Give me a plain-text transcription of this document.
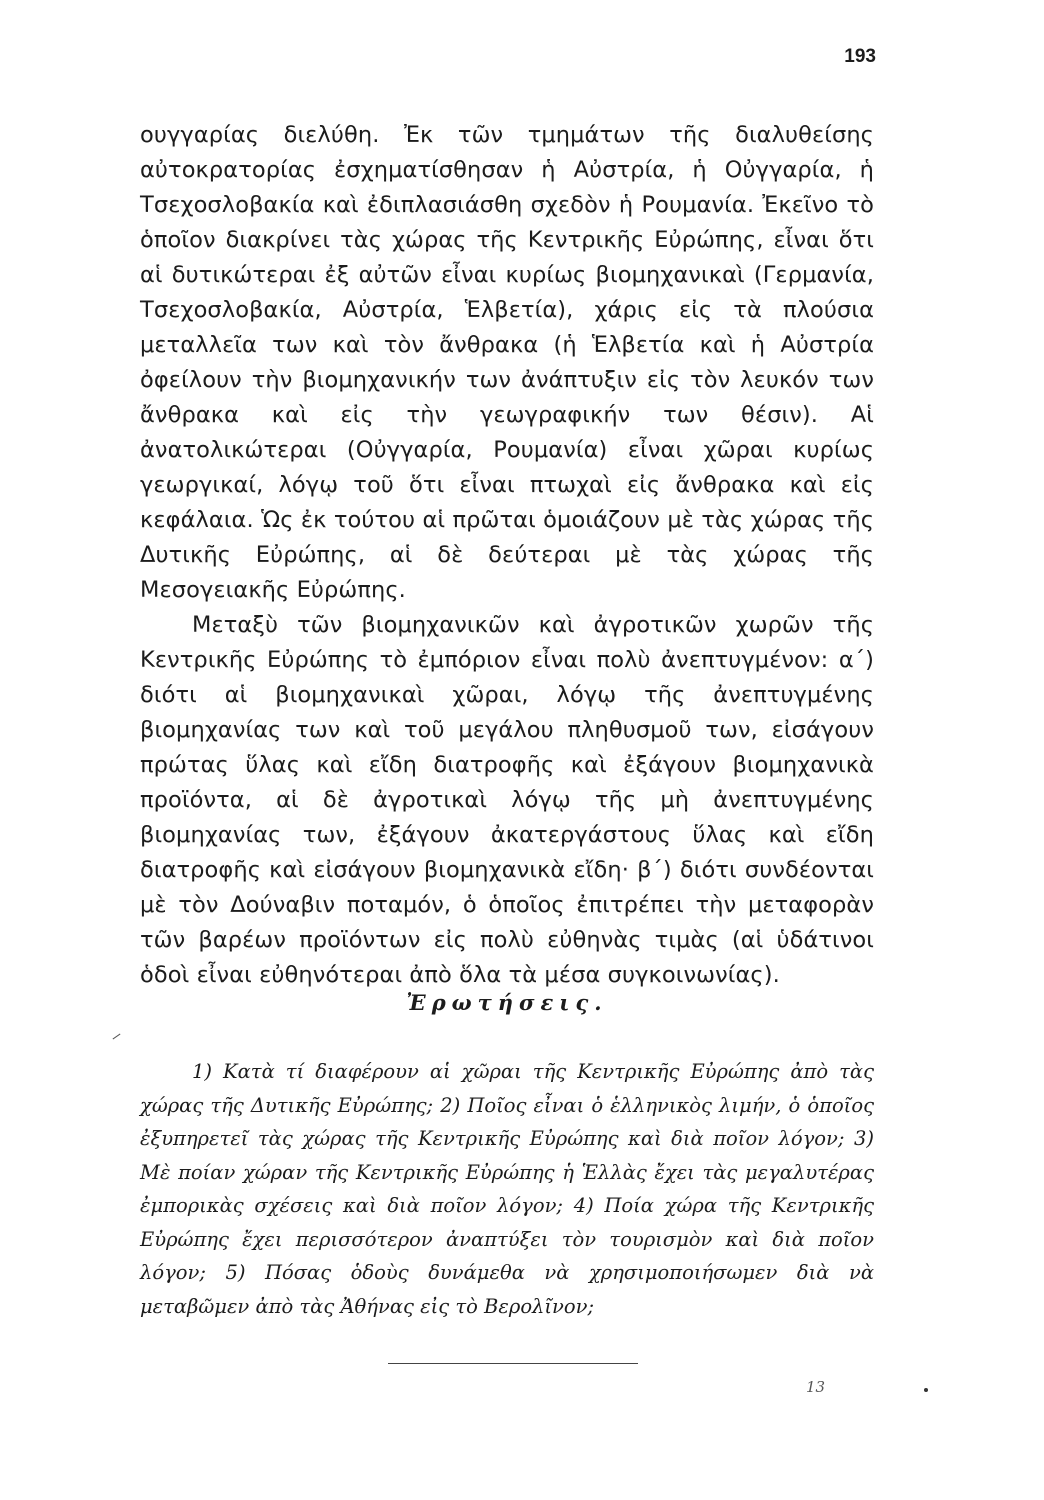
193

ουγγαρίας διελύθη. Ἐκ τῶν τμημάτων τῆς διαλυθείσης αὐτοκρατορίας ἐσχηματίσθησαν ἡ Αὐστρία, ἡ Οὐγγαρία, ἡ Τσεχοσλοβακία καὶ ἐδιπλασιάσθη σχεδὸν ἡ Ρουμανία. Ἐκεῖνο τὸ ὁποῖον διακρίνει τὰς χώρας τῆς Κεντρικῆς Εὐρώπης, εἶναι ὅτι αἱ δυτικώτεραι ἐξ αὐτῶν εἶναι κυρίως βιομηχανικαὶ (Γερμανία, Τσεχοσλοβακία, Αὐστρία, Ἑλβετία), χάρις εἰς τὰ πλούσια μεταλλεῖα των καὶ τὸν ἄνθρακα (ἡ Ἑλβετία καὶ ἡ Αὐστρία ὀφείλουν τὴν βιομηχανικήν των ἀνάπτυξιν εἰς τὸν λευκόν των ἄνθρακα καὶ εἰς τὴν γεωγραφικήν των θέσιν). Αἱ ἀνατολικώτεραι (Οὐγγαρία, Ρουμανία) εἶναι χῶραι κυρίως γεωργικαί, λόγῳ τοῦ ὅτι εἶναι πτωχαὶ εἰς ἄνθρακα καὶ εἰς κεφάλαια. Ὡς ἐκ τούτου αἱ πρῶται ὁμοιάζουν μὲ τὰς χώρας τῆς Δυτικῆς Εὐρώπης, αἱ δὲ δεύτεραι μὲ τὰς χώρας τῆς Μεσογειακῆς Εὐρώπης.

Μεταξὺ τῶν βιομηχανικῶν καὶ ἀγροτικῶν χωρῶν τῆς Κεντρικῆς Εὐρώπης τὸ ἐμπόριον εἶναι πολὺ ἀνεπτυγμένον: α΄) διότι αἱ βιομηχανικαὶ χῶραι, λόγῳ τῆς ἀνεπτυγμένης βιομηχανίας των καὶ τοῦ μεγάλου πληθυσμοῦ των, εἰσάγουν πρώτας ὕλας καὶ εἴδη διατροφῆς καὶ ἐξάγουν βιομηχανικὰ προϊόντα, αἱ δὲ ἀγροτικαὶ λόγῳ τῆς μὴ ἀνεπτυγμένης βιομηχανίας των, ἐξάγουν ἀκατεργάστους ὕλας καὶ εἴδη διατροφῆς καὶ εἰσάγουν βιομηχανικὰ εἴδη· β΄) διότι συνδέονται μὲ τὸν Δούναβιν ποταμόν, ὁ ὁποῖος ἐπιτρέπει τὴν μεταφορὰν τῶν βαρέων προϊόντων εἰς πολὺ εὐθηνὰς τιμὰς (αἱ ὑδάτινοι ὁδοὶ εἶναι εὐθηνότεραι ἀπὸ ὅλα τὰ μέσα συγκοινωνίας).

Ἐρωτήσεις.

1) Κατὰ τί διαφέρουν αἱ χῶραι τῆς Κεντρικῆς Εὐρώπης ἀπὸ τὰς χώρας τῆς Δυτικῆς Εὐρώπης; 2) Ποῖος εἶναι ὁ ἑλληνικὸς λιμήν, ὁ ὁποῖος ἐξυπηρετεῖ τὰς χώρας τῆς Κεντρικῆς Εὐρώπης καὶ διὰ ποῖον λόγον; 3) Μὲ ποίαν χώραν τῆς Κεντρικῆς Εὐρώπης ἡ Ἑλλὰς ἔχει τὰς μεγαλυτέρας ἐμπορικὰς σχέσεις καὶ διὰ ποῖον λόγον; 4) Ποία χώρα τῆς Κεντρικῆς Εὐρώπης ἔχει περισσότερον ἀναπτύξει τὸν τουρισμὸν καὶ διὰ ποῖον λόγον; 5) Πόσας ὁδοὺς δυνάμεθα νὰ χρησιμοποιήσωμεν διὰ νὰ μεταβῶμεν ἀπὸ τὰς Ἀθήνας εἰς τὸ Βερολῖνον;

13
